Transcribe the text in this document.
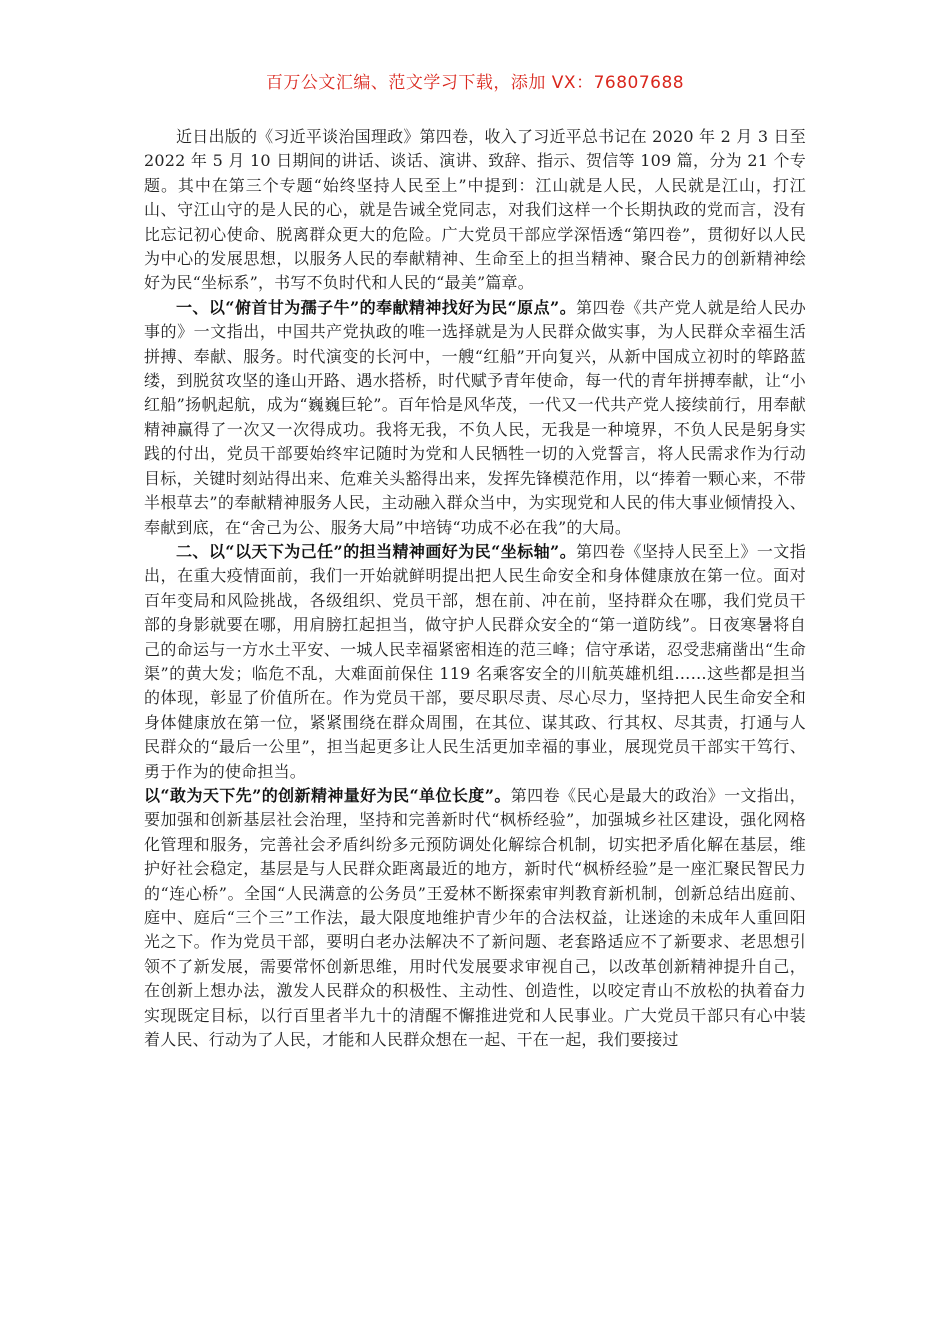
百万公文汇编、范文学习下载，添加 VX：76807688

近日出版的《习近平谈治国理政》第四卷，收入了习近平总书记在 2020 年 2 月 3 日至 2022 年 5 月 10 日期间的讲话、谈话、演讲、致辞、指示、贺信等 109 篇，分为 21 个专题。其中在第三个专题“始终坚持人民至上”中提到：江山就是人民，人民就是江山，打江山、守江山守的是人民的心，就是告诫全党同志，对我们这样一个长期执政的党而言，没有比忘记初心使命、脱离群众更大的危险。广大党员干部应学深悟透“第四卷”，贯彻好以人民为中心的发展思想，以服务人民的奉献精神、生命至上的担当精神、聚合民力的创新精神绘好为民“坐标系”，书写不负时代和人民的“最美”篇章。

一、以“俯首甘为孺子牛”的奉献精神找好为民“原点”。第四卷《共产党人就是给人民办事的》一文指出，中国共产党执政的唯一选择就是为人民群众做实事，为人民群众幸福生活拼搏、奉献、服务。时代演变的长河中，一艘“红船”开向复兴，从新中国成立初时的筚路蓝缕，到脱贫攻坚的逢山开路、遇水搭桥，时代赋予青年使命，每一代的青年拼搏奉献，让“小红船”扬帆起航，成为“巍巍巨轮”。百年恰是风华茂，一代又一代共产党人接续前行，用奉献精神赢得了一次又一次得成功。我将无我，不负人民，无我是一种境界，不负人民是躬身实践的付出，党员干部要始终牢记随时为党和人民牺牲一切的入党誓言，将人民需求作为行动目标，关键时刻站得出来、危难关头豁得出来，发挥先锋模范作用，以“捧着一颗心来，不带半根草去”的奉献精神服务人民，主动融入群众当中，为实现党和人民的伟大事业倾情投入、奉献到底，在“舍己为公、服务大局”中培铸“功成不必在我”的大局。

二、以“以天下为己任”的担当精神画好为民“坐标轴”。第四卷《坚持人民至上》一文指出，在重大疫情面前，我们一开始就鲜明提出把人民生命安全和身体健康放在第一位。面对百年变局和风险挑战，各级组织、党员干部，想在前、冲在前，坚持群众在哪，我们党员干部的身影就要在哪，用肩膀扛起担当，做守护人民群众安全的“第一道防线”。日夜寒暑将自己的命运与一方水土平安、一城人民幸福紧密相连的范三峰；信守承诺，忍受悲痛凿出“生命渠”的黄大发；临危不乱，大难面前保住 119 名乘客安全的川航英雄机组……这些都是担当的体现，彰显了价值所在。作为党员干部，要尽职尽责、尽心尽力，坚持把人民生命安全和身体健康放在第一位，紧紧围绕在群众周围，在其位、谋其政、行其权、尽其责，打通与人民群众的“最后一公里”，担当起更多让人民生活更加幸福的事业，展现党员干部实干笃行、勇于作为的使命担当。

以“敢为天下先”的创新精神量好为民“单位长度”。第四卷《民心是最大的政治》一文指出，要加强和创新基层社会治理，坚持和完善新时代“枫桥经验”，加强城乡社区建设，强化网格化管理和服务，完善社会矛盾纠纷多元预防调处化解综合机制，切实把矛盾化解在基层，维护好社会稳定，基层是与人民群众距离最近的地方，新时代“枫桥经验”是一座汇聚民智民力的“连心桥”。全国“人民满意的公务员”王爱林不断探索审判教育新机制，创新总结出庭前、庭中、庭后“三个三”工作法，最大限度地维护青少年的合法权益，让迷途的未成年人重回阳光之下。作为党员干部，要明白老办法解决不了新问题、老套路适应不了新要求、老思想引领不了新发展，需要常怀创新思维，用时代发展要求审视自己，以改革创新精神提升自己，在创新上想办法，激发人民群众的积极性、主动性、创造性，以咬定青山不放松的执着奋力实现既定目标，以行百里者半九十的清醒不懈推进党和人民事业。广大党员干部只有心中装着人民、行动为了人民，才能和人民群众想在一起、干在一起，我们要接过
